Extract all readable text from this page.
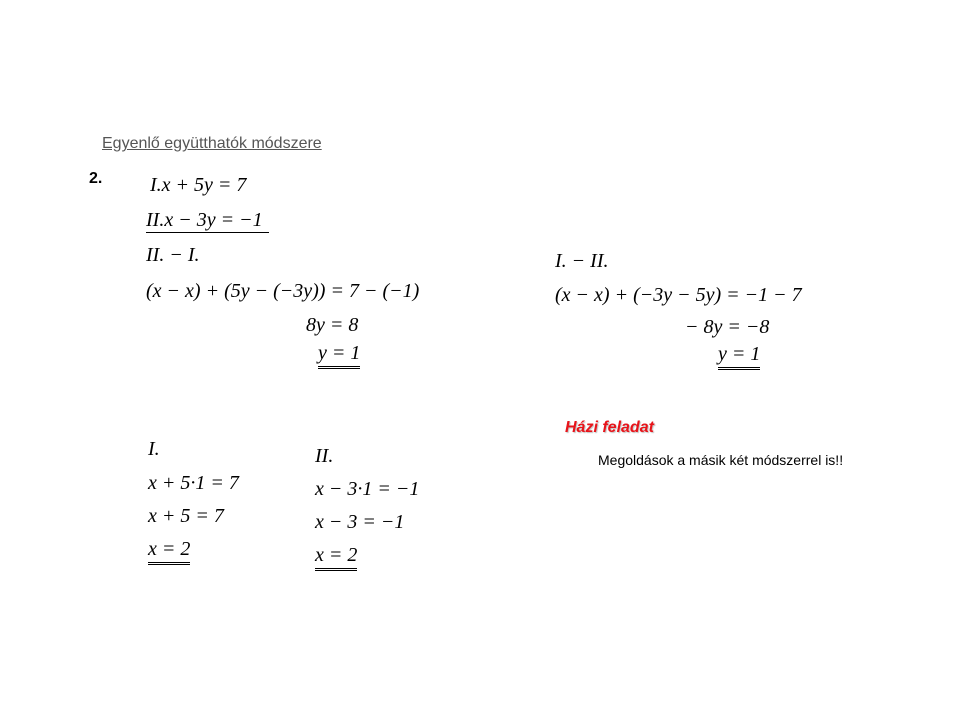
Egyenlő együtthatók módszere
2. I.x + 5y = 7
II.x − 3y = −1
II. − I.
(x − x) + (5y − (−3y)) = 7 − (−1)
8y = 8
y = 1
I. − II.
(x − x) + (−3y − 5y) = −1 − 7
− 8y = −8
y = 1
I.
x + 5·1 = 7
x + 5 = 7
x = 2
II.
x − 3·1 = −1
x − 3 = −1
x = 2
Házi feladat
Megoldások a másik két módszerrel is!!
